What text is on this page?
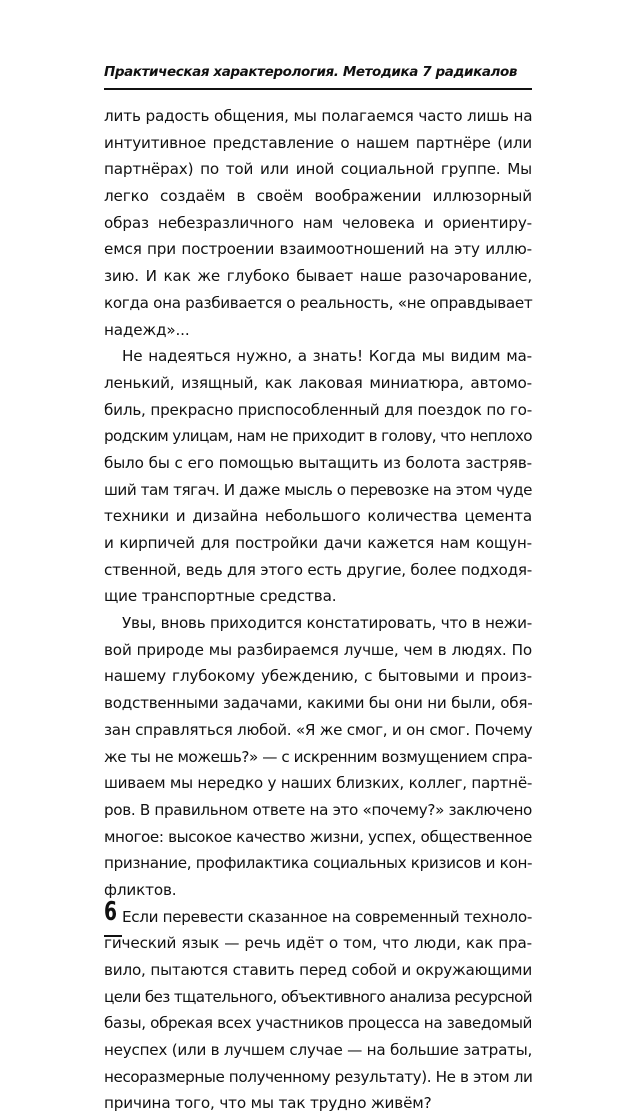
Практическая характерология. Методика 7 радикалов

лить радость общения, мы полагаемся часто лишь на
интуитивное представление о нашем партнёре (или
партнёрах) по той или иной социальной группе. Мы
легко создаём в своём воображении иллюзорный
образ небезразличного нам человека и ориентиру-
емся при построении взаимоотношений на эту иллю-
зию. И как же глубоко бывает наше разочарование,
когда она разбивается о реальность, «не оправдывает
надежд»...

Не надеяться нужно, а знать! Когда мы видим ма-
ленький, изящный, как лаковая миниатюра, автомо-
биль, прекрасно приспособленный для поездок по го-
родским улицам, нам не приходит в голову, что неплохо
было бы с его помощью вытащить из болота застряв-
ший там тягач. И даже мысль о перевозке на этом чуде
техники и дизайна небольшого количества цемента
и кирпичей для постройки дачи кажется нам кощун-
ственной, ведь для этого есть другие, более подходя-
щие транспортные средства.

Увы, вновь приходится констатировать, что в нежи-
вой природе мы разбираемся лучше, чем в людях. По
нашему глубокому убеждению, с бытовыми и произ-
водственными задачами, какими бы они ни были, обя-
зан справляться любой. «Я же смог, и он смог. Почему
же ты не можешь?» — с искренним возмущением спра-
шиваем мы нередко у наших близких, коллег, партнё-
ров. В правильном ответе на это «почему?» заключено
многое: высокое качество жизни, успех, общественное
признание, профилактика социальных кризисов и кон-
фликтов.

Если перевести сказанное на современный техноло-
гический язык — речь идёт о том, что люди, как пра-
вило, пытаются ставить перед собой и окружающими
цели без тщательного, объективного анализа ресурсной
базы, обрекая всех участников процесса на заведомый
неуспех (или в лучшем случае — на большие затраты,
несоразмерные полученному результату). Не в этом ли
причина того, что мы так трудно живём?

6
